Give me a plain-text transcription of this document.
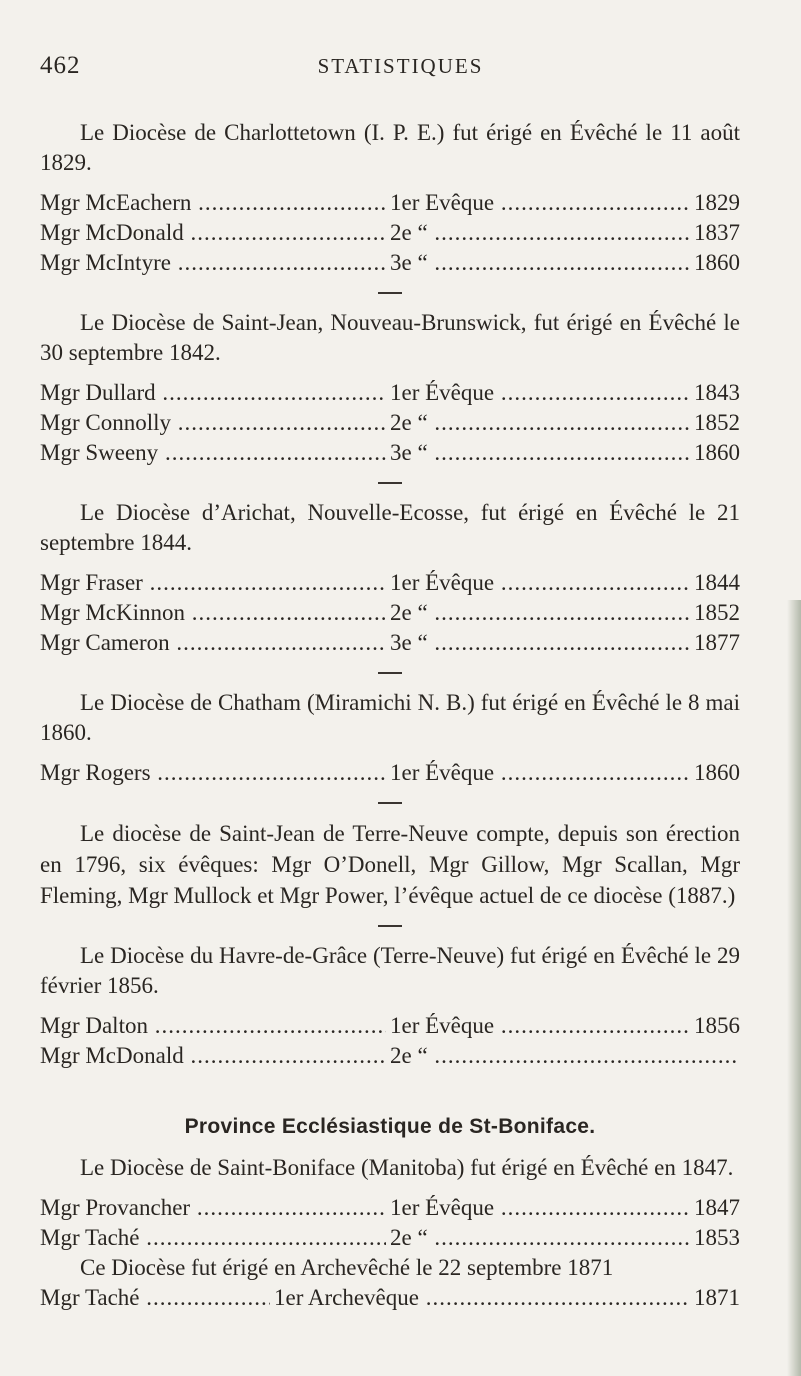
462	STATISTIQUES

Le Diocèse de Charlottetown (I. P. E.) fut érigé en Évêché le 11 août 1829.

Mgr McEachern .....	1er Evêque .....	1829
Mgr McDonald .....	2e “ .....	1837
Mgr McIntyre .....	3e “ .....	1860

Le Diocèse de Saint-Jean, Nouveau-Brunswick, fut érigé en Évêché le 30 septembre 1842.

Mgr Dullard .....	1er Évêque .....	1843
Mgr Connolly .....	2e “ .....	1852
Mgr Sweeny .....	3e “ .....	1860

Le Diocèse d’Arichat, Nouvelle-Ecosse, fut érigé en Évêché le 21 septembre 1844.

Mgr Fraser .....	1er Évêque .....	1844
Mgr McKinnon .....	2e “ .....	1852
Mgr Cameron .....	3e “ .....	1877

Le Diocèse de Chatham (Miramichi N. B.) fut érigé en Évêché le 8 mai 1860.

Mgr Rogers .....	1er Évêque .....	1860

Le diocèse de Saint-Jean de Terre-Neuve compte, depuis son érection en 1796, six évêques: Mgr O’Donell, Mgr Gillow, Mgr Scallan, Mgr Fleming, Mgr Mullock et Mgr Power, l’évêque actuel de ce diocèse (1887.)

Le Diocèse du Havre-de-Grâce (Terre-Neuve) fut érigé en Évêché le 29 février 1856.

Mgr Dalton .....	1er Évêque .....	1856
Mgr McDonald .....	2e “ .....
Province Ecclésiastique de St-Boniface.

Le Diocèse de Saint-Boniface (Manitoba) fut érigé en Évêché en 1847.

Mgr Provancher .....	1er Évêque .....	1847
Mgr Taché .....	2e “ .....	1853

Ce Diocèse fut érigé en Archevêché le 22 septembre 1871

Mgr Taché .....	1er Archevêque .....	1871
